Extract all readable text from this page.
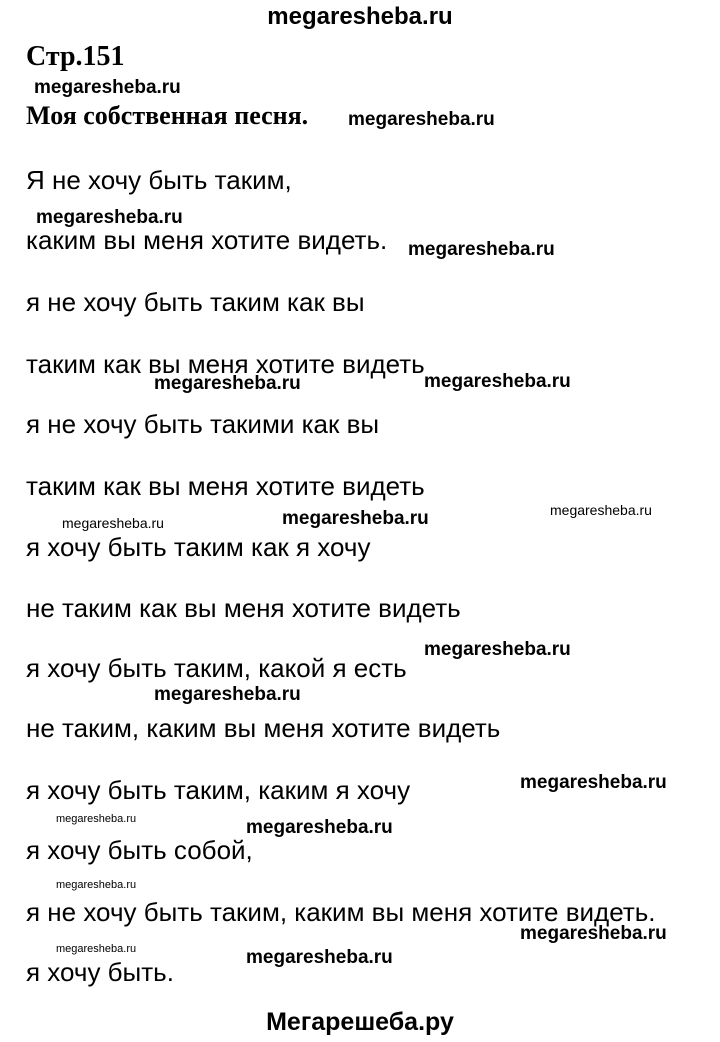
megaresheba.ru
Стр.151
megaresheba.ru
Моя собственная песня. megaresheba.ru
Я не хочу быть таким,
megaresheba.ru
каким вы меня хотите видеть. megaresheba.ru
я не хочу быть таким как вы
таким как вы меня хотите видеть
megaresheba.ru	megaresheba.ru
я не хочу быть такими как вы
таким как вы меня хотите видеть
megaresheba.ru
megaresheba.ru	megaresheba.ru
я хочу быть таким как я хочу
не таким как вы меня хотите видеть
megaresheba.ru
я хочу быть таким, какой я есть
megaresheba.ru
не таким, каким вы меня хотите видеть
я хочу быть таким, каким я хочу	megaresheba.ru
megaresheba.ru	megaresheba.ru
я хочу быть собой,
megaresheba.ru
я не хочу быть таким, каким вы меня хотите видеть.
megaresheba.ru
megaresheba.ru	megaresheba.ru
я хочу быть.
Мегарешеба.ру
